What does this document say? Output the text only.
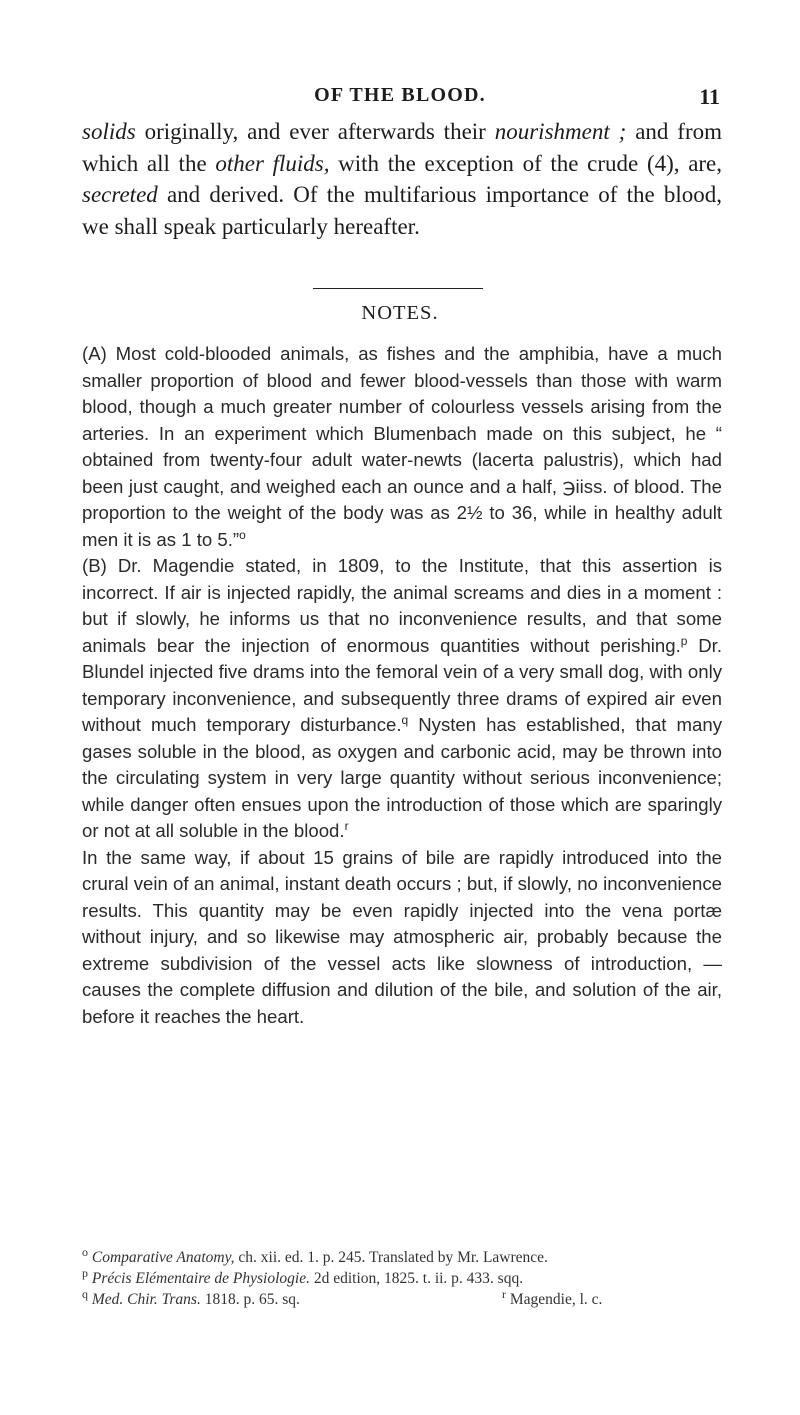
OF THE BLOOD.	11

solids originally, and ever afterwards their nourishment ; and from which all the other fluids, with the exception of the crude (4), are, secreted and derived. Of the multifarious importance of the blood, we shall speak particularly hereafter.

NOTES.

(A) Most cold-blooded animals, as fishes and the amphibia, have a much smaller proportion of blood and fewer blood-vessels than those with warm blood, though a much greater number of colourless vessels arising from the arteries. In an experiment which Blumenbach made on this subject, he “ obtained from twenty-four adult water-newts (lacerta palustris), which had been just caught, and weighed each an ounce and a half, ℈iiss. of blood. The proportion to the weight of the body was as 2½ to 36, while in healthy adult men it is as 1 to 5.”$^o$

(B) Dr. Magendie stated, in 1809, to the Institute, that this assertion is incorrect. If air is injected rapidly, the animal screams and dies in a moment : but if slowly, he informs us that no inconvenience results, and that some animals bear the injection of enormous quantities without perishing.$^p$ Dr. Blundel injected five drams into the femoral vein of a very small dog, with only temporary inconvenience, and subsequently three drams of expired air even without much temporary disturbance.$^q$ Nysten has established, that many gases soluble in the blood, as oxygen and carbonic acid, may be thrown into the circulating system in very large quantity without serious inconvenience; while danger often ensues upon the introduction of those which are sparingly or not at all soluble in the blood.$^r$

In the same way, if about 15 grains of bile are rapidly introduced into the crural vein of an animal, instant death occurs ; but, if slowly, no inconvenience results. This quantity may be even rapidly injected into the vena portæ without injury, and so likewise may atmospheric air, probably because the extreme subdivision of the vessel acts like slowness of introduction, — causes the complete diffusion and dilution of the bile, and solution of the air, before it reaches the heart.

$^o$ Comparative Anatomy, ch. xii. ed. 1. p. 245. Translated by Mr. Lawrence.
$^p$ Précis Elémentaire de Physiologie. 2d edition, 1825. t. ii. p. 433. sqq.
$^q$ Med. Chir. Trans. 1818. p. 65. sq.	$^r$ Magendie, l. c.
